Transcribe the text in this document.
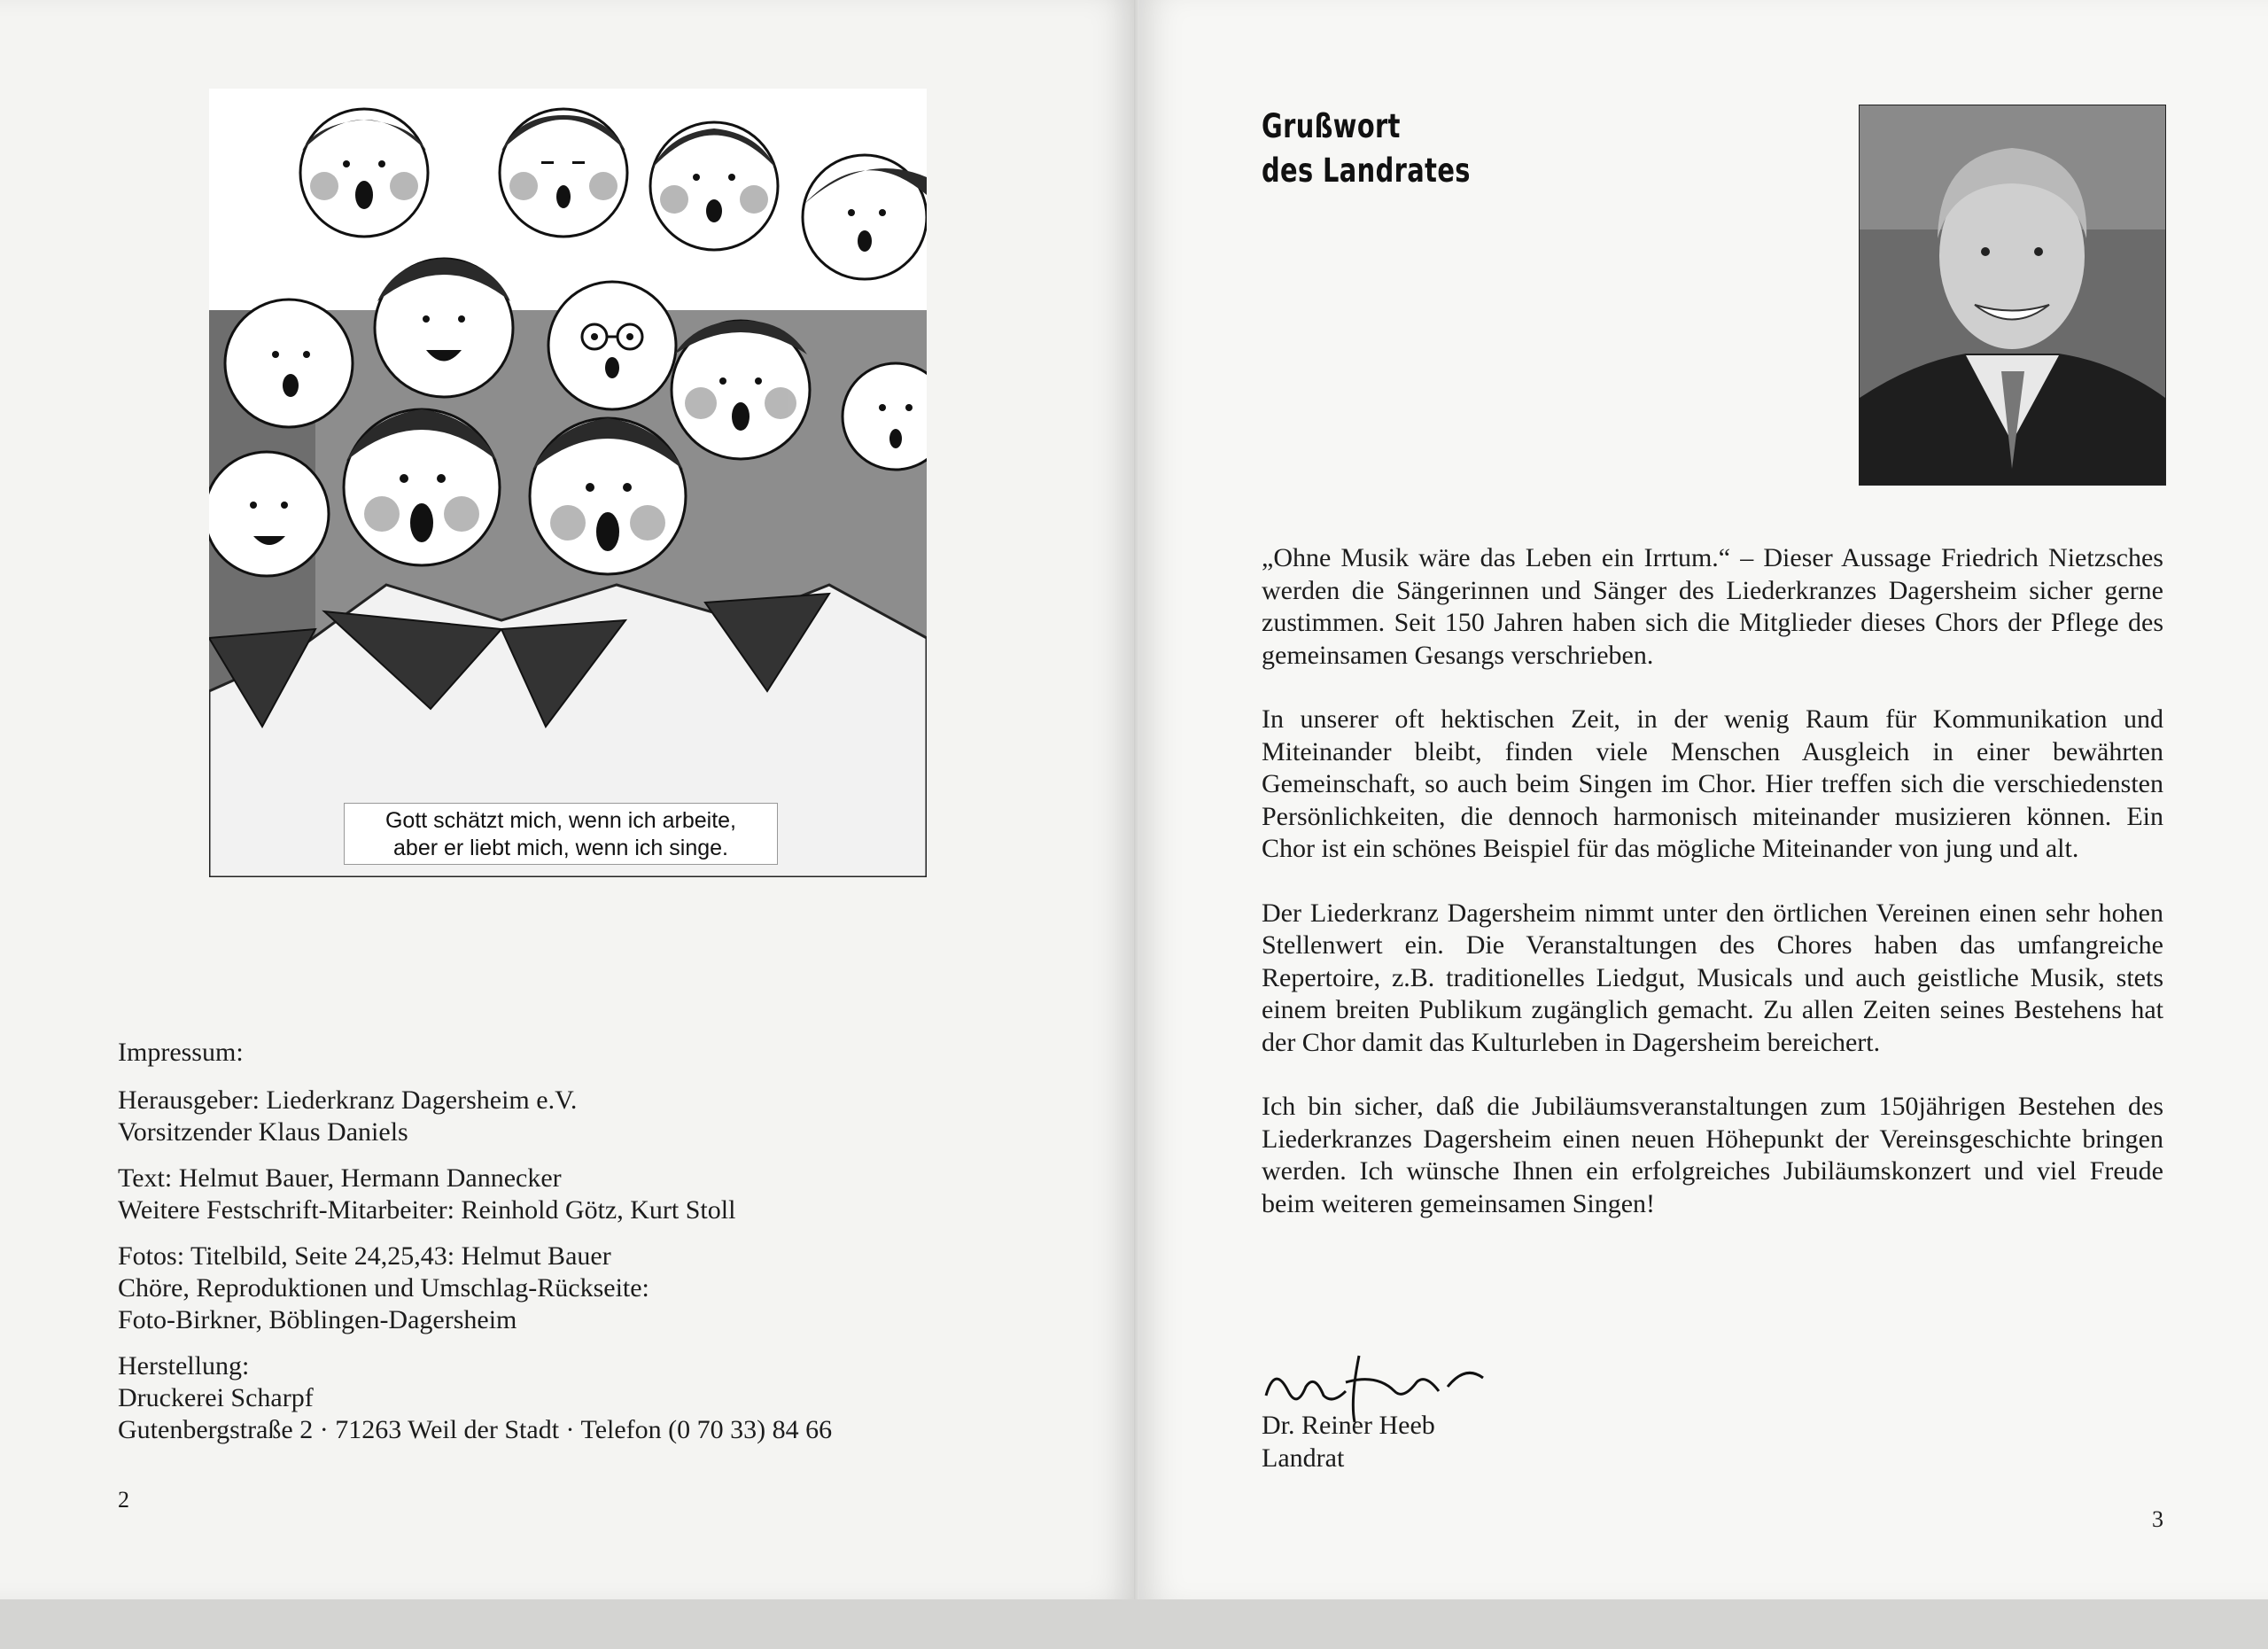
Gott schätzt mich, wenn ich arbeite,
aber er liebt mich, wenn ich singe.
Impressum:
Herausgeber: Liederkranz Dagersheim e.V.
Vorsitzender Klaus Daniels
Text: Helmut Bauer, Hermann Dannecker
Weitere Festschrift-Mitarbeiter: Reinhold Götz, Kurt Stoll
Fotos: Titelbild, Seite 24,25,43: Helmut Bauer
Chöre, Reproduktionen und Umschlag-Rückseite:
Foto-Birkner, Böblingen-Dagersheim
Herstellung:
Druckerei Scharpf
Gutenbergstraße 2 · 71263 Weil der Stadt · Telefon (0 70 33) 84 66
2
Grußwort
des Landrates

„Ohne Musik wäre das Leben ein Irrtum.“ – Dieser Aussage Friedrich Nietzsches werden die Sängerinnen und Sänger des Liederkranzes Dagersheim sicher gerne zustimmen. Seit 150 Jahren haben sich die Mitglieder dieses Chors der Pflege des gemeinsamen Gesangs verschrieben.

In unserer oft hektischen Zeit, in der wenig Raum für Kommunikation und Miteinander bleibt, finden viele Menschen Ausgleich in einer bewährten Gemeinschaft, so auch beim Singen im Chor. Hier treffen sich die verschiedensten Persönlichkeiten, die dennoch harmonisch miteinander musizieren können. Ein Chor ist ein schönes Beispiel für das mögliche Miteinander von jung und alt.

Der Liederkranz Dagersheim nimmt unter den örtlichen Vereinen einen sehr hohen Stellenwert ein. Die Veranstaltungen des Chores haben das umfangreiche Repertoire, z.B. traditionelles Liedgut, Musicals und auch geistliche Musik, stets einem breiten Publikum zugänglich gemacht. Zu allen Zeiten seines Bestehens hat der Chor damit das Kulturleben in Dagersheim bereichert.

Ich bin sicher, daß die Jubiläumsveranstaltungen zum 150jährigen Bestehen des Liederkranzes Dagersheim einen neuen Höhepunkt der Vereinsgeschichte bringen werden. Ich wünsche Ihnen ein erfolgreiches Jubiläumskonzert und viel Freude beim weiteren gemeinsamen Singen!

Dr. Reiner Heeb
Landrat
3
